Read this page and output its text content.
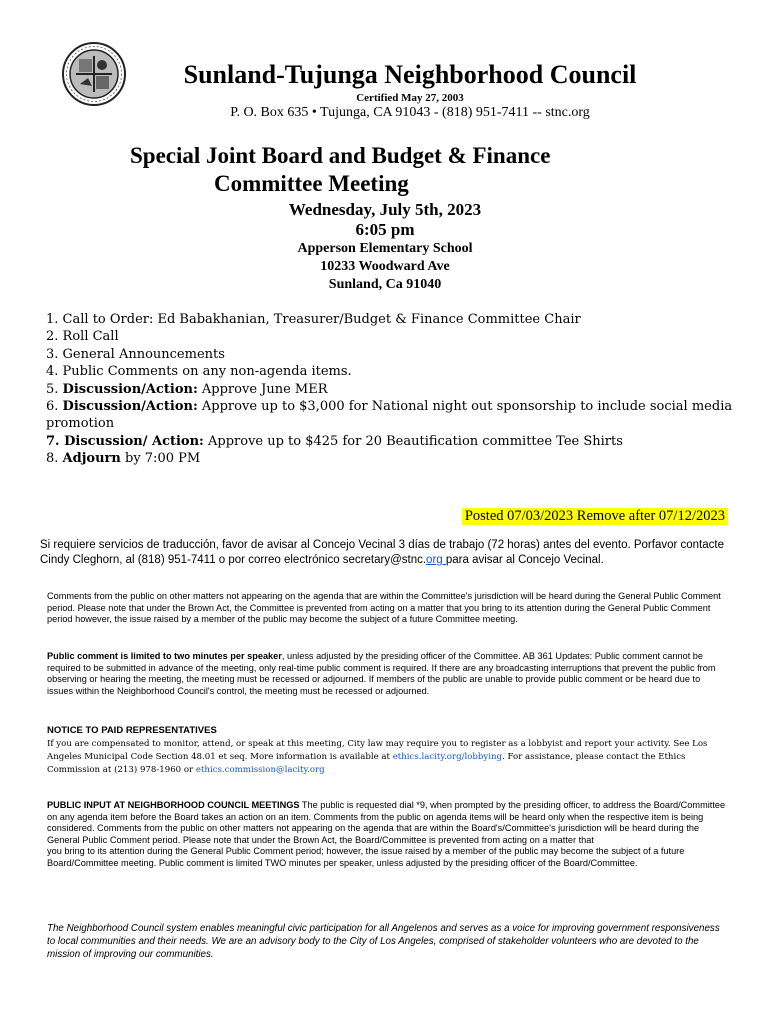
Sunland-Tujunga Neighborhood Council
Certified May 27, 2003
P. O. Box 635 • Tujunga, CA 91043 - (818) 951-7411 -- stnc.org
Special Joint Board and Budget & Finance
Committee Meeting
Wednesday, July 5th, 2023
6:05 pm
Apperson Elementary School
10233 Woodward Ave
Sunland, Ca 91040
1. Call to Order: Ed Babakhanian, Treasurer/Budget & Finance Committee Chair
2. Roll Call
3. General Announcements
4. Public Comments on any non-agenda items.
5. Discussion/Action: Approve June MER
6. Discussion/Action: Approve up to $3,000 for National night out sponsorship to include social media promotion
7. Discussion/ Action: Approve up to $425 for 20 Beautification committee Tee Shirts
8. Adjourn by 7:00 PM
Posted 07/03/2023 Remove after 07/12/2023
Si requiere servicios de traducción, favor de avisar al Concejo Vecinal 3 días de trabajo (72 horas) antes del evento. Porfavor contacte Cindy Cleghorn, al (818) 951-7411 o por correo electrónico secretary@stnc.org para avisar al Concejo Vecinal.
Comments from the public on other matters not appearing on the agenda that are within the Committee's jurisdiction will be heard during the General Public Comment period. Please note that under the Brown Act, the Committee is prevented from acting on a matter that you bring to its attention during the General Public Comment period however, the issue raised by a member of the public may become the subject of a future Committee meeting.
Public comment is limited to two minutes per speaker, unless adjusted by the presiding officer of the Committee. AB 361 Updates: Public comment cannot be required to be submitted in advance of the meeting, only real-time public comment is required. If there are any broadcasting interruptions that prevent the public from observing or hearing the meeting, the meeting must be recessed or adjourned. If members of the public are unable to provide public comment or be heard due to issues within the Neighborhood Council's control, the meeting must be recessed or adjourned.
NOTICE TO PAID REPRESENTATIVES
If you are compensated to monitor, attend, or speak at this meeting, City law may require you to register as a lobbyist and report your activity. See Los Angeles Municipal Code Section 48.01 et seq. More information is available at ethics.lacity.org/lobbying. For assistance, please contact the Ethics Commission at (213) 978-1960 or ethics.commission@lacity.org
PUBLIC INPUT AT NEIGHBORHOOD COUNCIL MEETINGS The public is requested dial *9, when prompted by the presiding officer, to address the Board/Committee on any agenda item before the Board takes an action on an item. Comments from the public on agenda items will be heard only when the respective item is being considered. Comments from the public on other matters not appearing on the agenda that are within the Board's/Committee's jurisdiction will be heard during the General Public Comment period. Please note that under the Brown Act, the Board/Committee is prevented from acting on a matter that
you bring to its attention during the General Public Comment period; however, the issue raised by a member of the public may become the subject of a future Board/Committee meeting. Public comment is limited TWO minutes per speaker, unless adjusted by the presiding officer of the Board/Committee.
The Neighborhood Council system enables meaningful civic participation for all Angelenos and serves as a voice for improving government responsiveness to local communities and their needs. We are an advisory body to the City of Los Angeles, comprised of stakeholder volunteers who are devoted to the mission of improving our communities.
